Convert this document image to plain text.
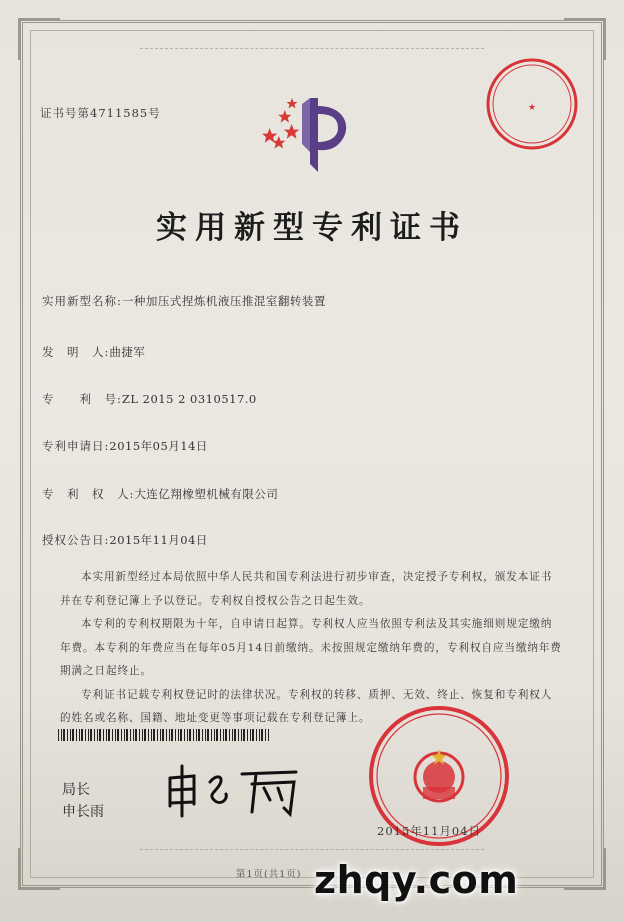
证书号第4711585号	★
实用新型专利证书
实用新型名称:一种加压式捏炼机液压推混室翻转装置
发　明　人:曲捷军
专　　利　号:ZL 2015 2 0310517.0
专利申请日:2015年05月14日
专　利　权　人:大连亿翔橡塑机械有限公司
授权公告日:2015年11月04日

本实用新型经过本局依照中华人民共和国专利法进行初步审查，决定授予专利权，颁发本证书并在专利登记簿上予以登记。专利权自授权公告之日起生效。

本专利的专利权期限为十年，自申请日起算。专利权人应当依照专利法及其实施细则规定缴纳年费。本专利的年费应当在每年05月14日前缴纳。未按照规定缴纳年费的，专利权自应当缴纳年费期满之日起终止。

专利证书记载专利权登记时的法律状况。专利权的转移、质押、无效、终止、恢复和专利权人的姓名或名称、国籍、地址变更等事项记载在专利登记簿上。

局长
申长雨
2015年11月04日
第1页(共1页) zhqy.com
